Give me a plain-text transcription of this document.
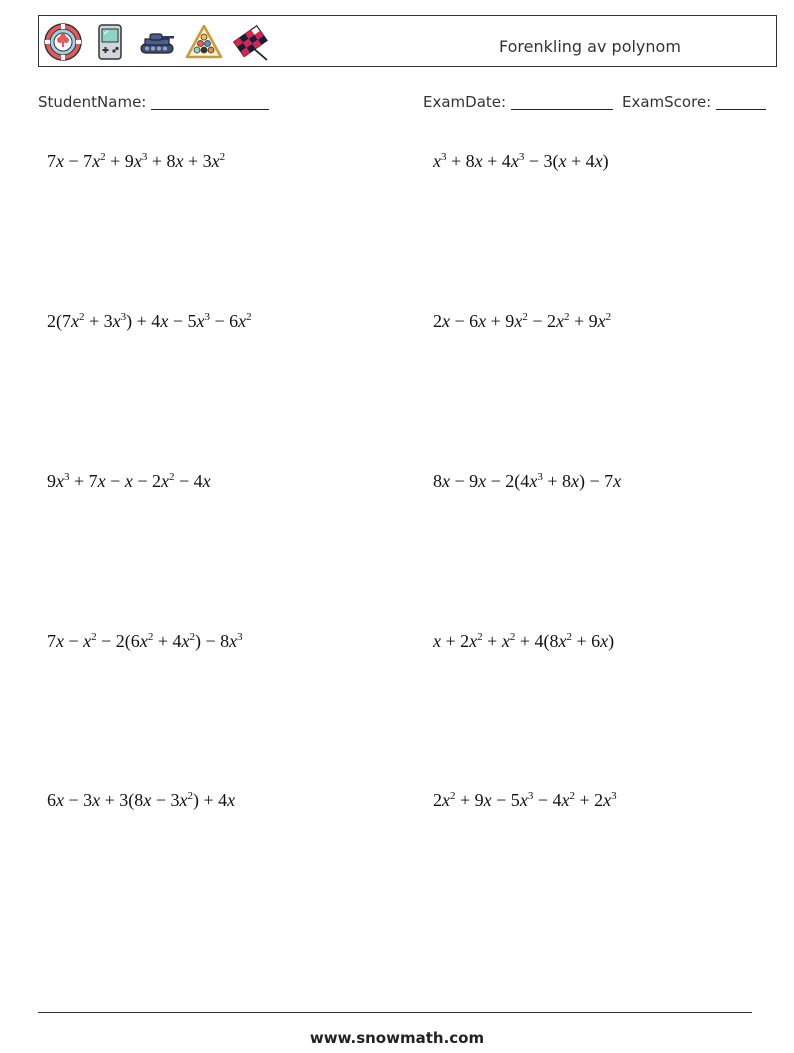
Forenkling av polynom
StudentName:	ExamDate:	ExamScore:
$7x - 7x^2 + 9x^3 + 8x + 3x^2$	$x^3 + 8x + 4x^3 - 3(x + 4x)$
$2(7x^2 + 3x^3) + 4x - 5x^3 - 6x^2$	$2x - 6x + 9x^2 - 2x^2 + 9x^2$
$9x^3 + 7x - x - 2x^2 - 4x$	$8x - 9x - 2(4x^3 + 8x) - 7x$
$7x - x^2 - 2(6x^2 + 4x^2) - 8x^3$	$x + 2x^2 + x^2 + 4(8x^2 + 6x)$
$6x - 3x + 3(8x - 3x^2) + 4x$	$2x^2 + 9x - 5x^3 - 4x^2 + 2x^3$
www.snowmath.com
